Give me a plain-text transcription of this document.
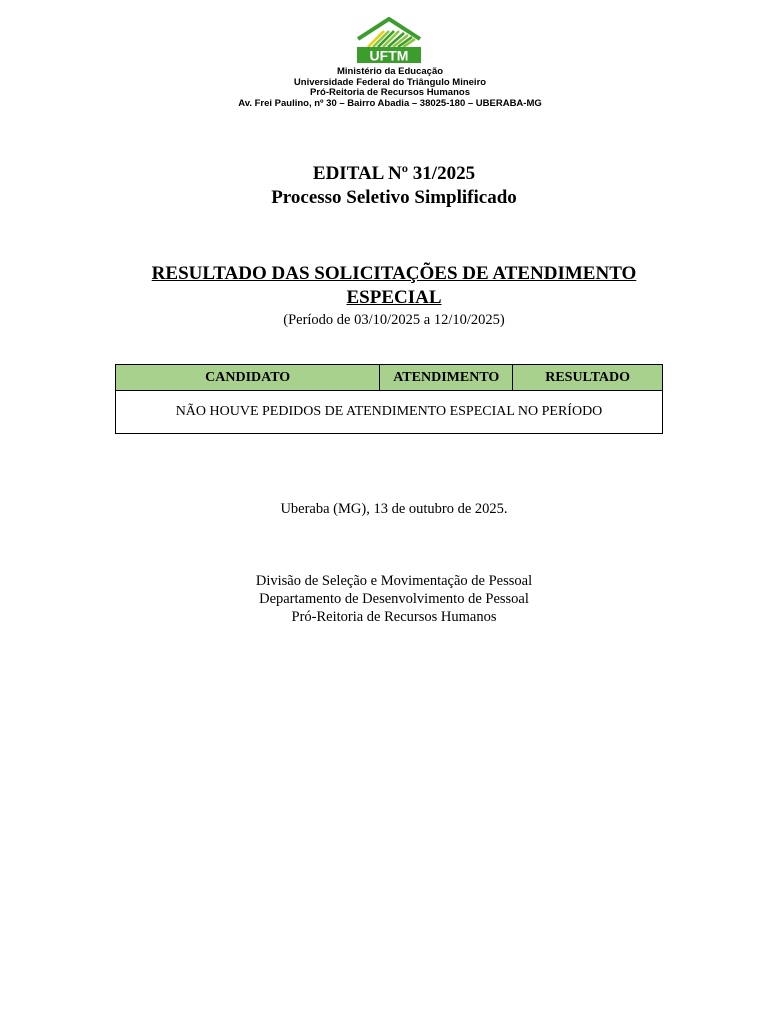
UFTM
Ministério da Educação
Universidade Federal do Triângulo Mineiro
Pró-Reitoria de Recursos Humanos
Av. Frei Paulino, nº 30 – Bairro Abadia – 38025-180 – UBERABA-MG
EDITAL Nº 31/2025
Processo Seletivo Simplificado
RESULTADO DAS SOLICITAÇÕES DE ATENDIMENTO ESPECIAL
(Período de 03/10/2025 a 12/10/2025)
CANDIDATO	ATENDIMENTO	RESULTADO
NÃO HOUVE PEDIDOS DE ATENDIMENTO ESPECIAL NO PERÍODO
Uberaba (MG), 13 de outubro de 2025.
Divisão de Seleção e Movimentação de Pessoal
Departamento de Desenvolvimento de Pessoal
Pró-Reitoria de Recursos Humanos
